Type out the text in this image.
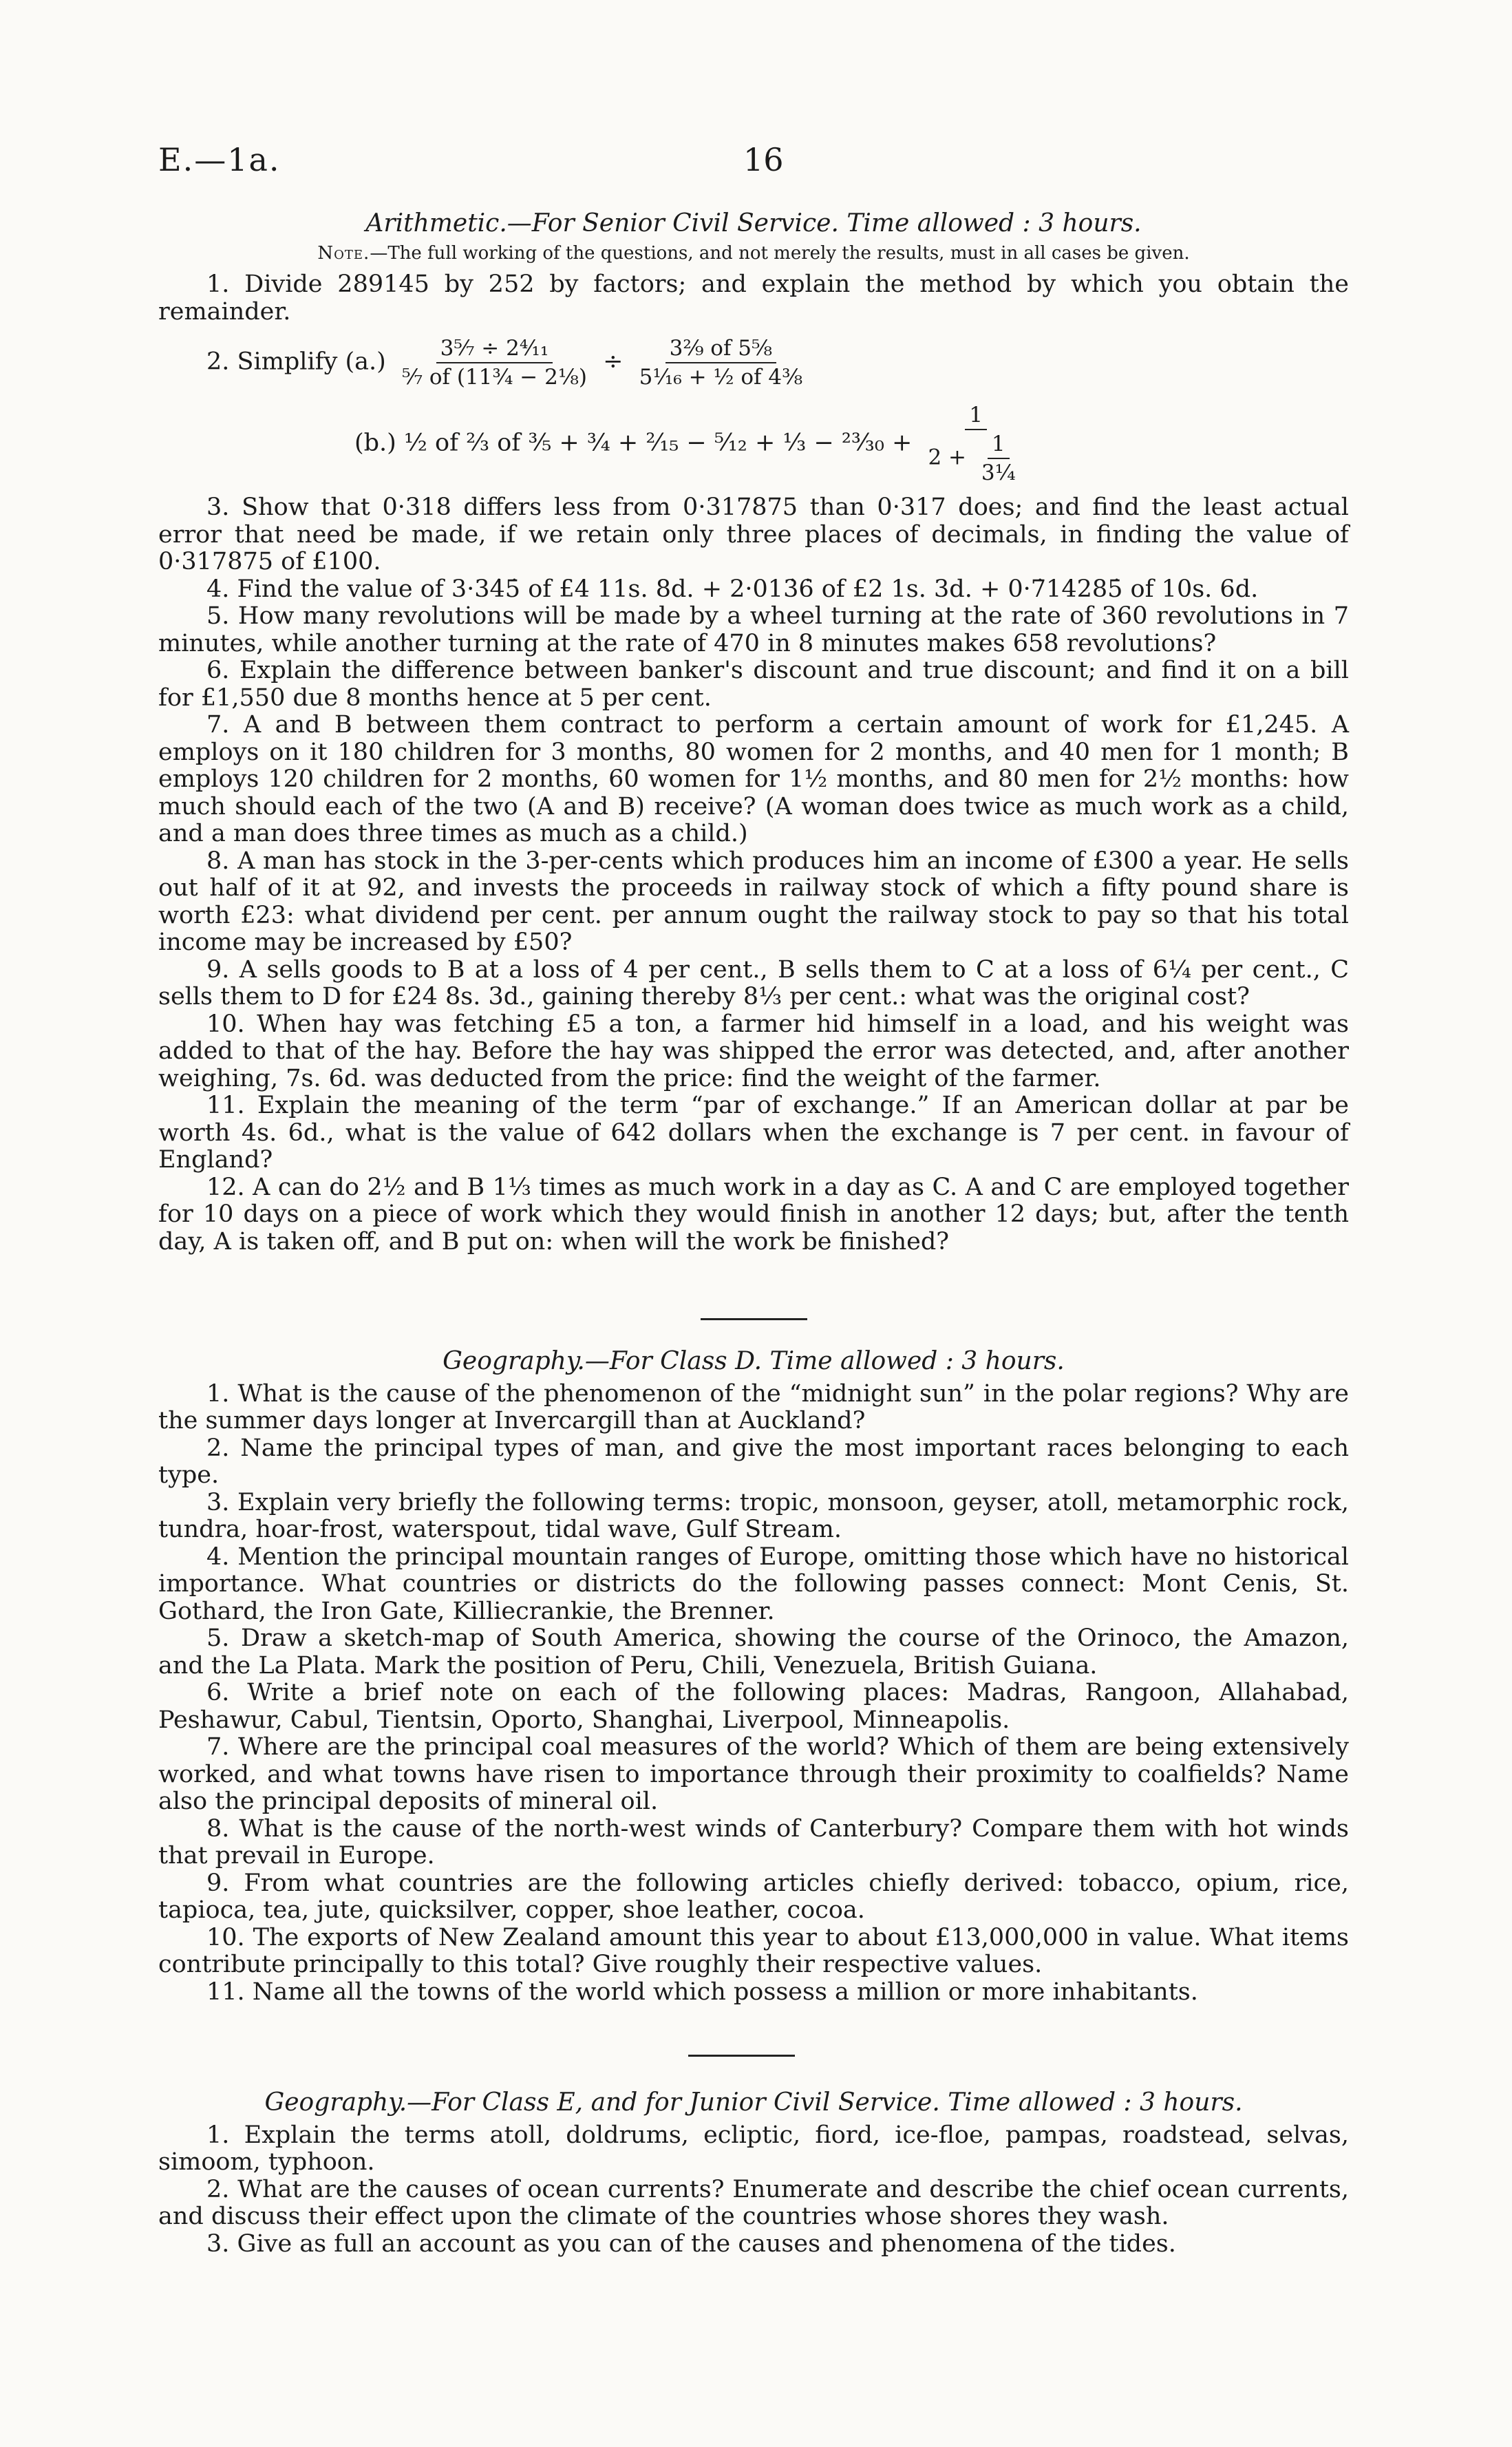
E.—1a.	16

Arithmetic.—For Senior Civil Service. Time allowed : 3 hours.

Note.—The full working of the questions, and not merely the results, must in all cases be given.

1. Divide 289145 by 252 by factors; and explain the method by which you obtain the remainder.

2. Simplify $(a.) \frac{\text{3⁵⁄₇ ÷ 2⁴⁄₁₁}}{\text{⁵⁄₇ of (11¾ − 2⅛)}} \div \frac{\text{3²⁄₉ of 5⅝}}{\text{5¹⁄₁₆ + ½ of 4⅜}}$
(b.) ½ of ⅔ of ⅗ + ¾ + ²⁄₁₅ − ⁵⁄₁₂ + ⅓ − ²³⁄₃₀ + $\frac{1}{2 + \frac{1}{\text{3¼}}}$

3. Show that 0·318 differs less from 0·317875 than 0·317 does; and find the least actual error that need be made, if we retain only three places of decimals, in finding the value of 0·317875 of £100.

4. Find the value of 3·34̇5̇ of £4 11s. 8d. + 2·013̇6̇ of £2 1s. 3d. + 0·7̇14285̇ of 10s. 6d.

5. How many revolutions will be made by a wheel turning at the rate of 360 revolutions in 7 minutes, while another turning at the rate of 470 in 8 minutes makes 658 revolutions?

6. Explain the difference between banker's discount and true discount; and find it on a bill for £1,550 due 8 months hence at 5 per cent.

7. A and B between them contract to perform a certain amount of work for £1,245. A employs on it 180 children for 3 months, 80 women for 2 months, and 40 men for 1 month; B employs 120 children for 2 months, 60 women for 1½ months, and 80 men for 2½ months: how much should each of the two (A and B) receive? (A woman does twice as much work as a child, and a man does three times as much as a child.)

8. A man has stock in the 3-per-cents which produces him an income of £300 a year. He sells out half of it at 92, and invests the proceeds in railway stock of which a fifty pound share is worth £23: what dividend per cent. per annum ought the railway stock to pay so that his total income may be increased by £50?

9. A sells goods to B at a loss of 4 per cent., B sells them to C at a loss of 6¼ per cent., C sells them to D for £24 8s. 3d., gaining thereby 8⅓ per cent.: what was the original cost?

10. When hay was fetching £5 a ton, a farmer hid himself in a load, and his weight was added to that of the hay. Before the hay was shipped the error was detected, and, after another weighing, 7s. 6d. was deducted from the price: find the weight of the farmer.

11. Explain the meaning of the term “par of exchange.” If an American dollar at par be worth 4s. 6d., what is the value of 642 dollars when the exchange is 7 per cent. in favour of England?

12. A can do 2½ and B 1⅓ times as much work in a day as C. A and C are employed together for 10 days on a piece of work which they would finish in another 12 days; but, after the tenth day, A is taken off, and B put on: when will the work be finished?

Geography.—For Class D. Time allowed : 3 hours.

1. What is the cause of the phenomenon of the “midnight sun” in the polar regions? Why are the summer days longer at Invercargill than at Auckland?

2. Name the principal types of man, and give the most important races belonging to each type.

3. Explain very briefly the following terms: tropic, monsoon, geyser, atoll, metamorphic rock, tundra, hoar-frost, waterspout, tidal wave, Gulf Stream.

4. Mention the principal mountain ranges of Europe, omitting those which have no historical importance. What countries or districts do the following passes connect: Mont Cenis, St. Gothard, the Iron Gate, Killiecrankie, the Brenner.

5. Draw a sketch-map of South America, showing the course of the Orinoco, the Amazon, and the La Plata. Mark the position of Peru, Chili, Venezuela, British Guiana.

6. Write a brief note on each of the following places: Madras, Rangoon, Allahabad, Peshawur, Cabul, Tientsin, Oporto, Shanghai, Liverpool, Minneapolis.

7. Where are the principal coal measures of the world? Which of them are being extensively worked, and what towns have risen to importance through their proximity to coalfields? Name also the principal deposits of mineral oil.

8. What is the cause of the north-west winds of Canterbury? Compare them with hot winds that prevail in Europe.

9. From what countries are the following articles chiefly derived: tobacco, opium, rice, tapioca, tea, jute, quicksilver, copper, shoe leather, cocoa.

10. The exports of New Zealand amount this year to about £13,000,000 in value. What items contribute principally to this total? Give roughly their respective values.

11. Name all the towns of the world which possess a million or more inhabitants.

Geography.—For Class E, and for Junior Civil Service. Time allowed : 3 hours.

1. Explain the terms atoll, doldrums, ecliptic, fiord, ice-floe, pampas, roadstead, selvas, simoom, typhoon.

2. What are the causes of ocean currents? Enumerate and describe the chief ocean currents, and discuss their effect upon the climate of the countries whose shores they wash.

3. Give as full an account as you can of the causes and phenomena of the tides.
